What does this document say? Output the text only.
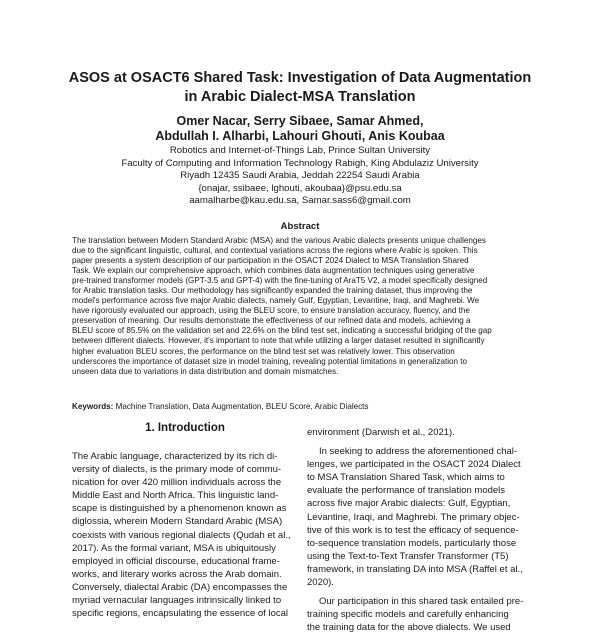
ASOS at OSACT6 Shared Task: Investigation of Data Augmentation
in Arabic Dialect-MSA Translation
Omer Nacar, Serry Sibaee, Samar Ahmed,
Abdullah I. Alharbi, Lahouri Ghouti, Anis Koubaa
Robotics and Internet-of-Things Lab, Prince Sultan University
Faculty of Computing and Information Technology Rabigh, King Abdulaziz University
Riyadh 12435 Saudi Arabia, Jeddah 22254 Saudi Arabia
{onajar, ssibaee, lghouti, akoubaa}@psu.edu.sa
aamalharbe@kau.edu.sa, Samar.sass6@gmail.com
Abstract
The translation between Modern Standard Arabic (MSA) and the various Arabic dialects presents unique challenges
due to the significant linguistic, cultural, and contextual variations across the regions where Arabic is spoken. This
paper presents a system description of our participation in the OSACT 2024 Dialect to MSA Translation Shared
Task. We explain our comprehensive approach, which combines data augmentation techniques using generative
pre-trained transformer models (GPT-3.5 and GPT-4) with the fine-tuning of AraT5 V2, a model specifically designed
for Arabic translation tasks. Our methodology has significantly expanded the training dataset, thus improving the
model's performance across five major Arabic dialects, namely Gulf, Egyptian, Levantine, Iraqi, and Maghrebi. We
have rigorously evaluated our approach, using the BLEU score, to ensure translation accuracy, fluency, and the
preservation of meaning. Our results demonstrate the effectiveness of our refined data and models, achieving a
BLEU score of 85.5% on the validation set and 22.6% on the blind test set, indicating a successful bridging of the gap
between different dialects. However, it's important to note that while utilizing a larger dataset resulted in significantly
higher evaluation BLEU scores, the performance on the blind test set was relatively lower. This observation
underscores the importance of dataset size in model training, revealing potential limitations in generalization to
unseen data due to variations in data distribution and domain mismatches.
Keywords: Machine Translation, Data Augmentation, BLEU Score, Arabic Dialects
1. Introduction
The Arabic language, characterized by its rich di-
versity of dialects, is the primary mode of commu-
nication for over 420 million individuals across the
Middle East and North Africa. This linguistic land-
scape is distinguished by a phenomenon known as
diglossia, wherein Modern Standard Arabic (MSA)
coexists with various regional dialects (Qudah et al.,
2017). As the formal variant, MSA is ubiquitously
employed in official discourse, educational frame-
works, and literary works across the Arab domain.
Conversely, dialectal Arabic (DA) encompasses the
myriad vernacular languages intrinsically linked to
specific regions, encapsulating the essence of local
environment (Darwish et al., 2021).
In seeking to address the aforementioned chal-
lenges, we participated in the OSACT 2024 Dialect
to MSA Translation Shared Task, which aims to
evaluate the performance of translation models
across five major Arabic dialects: Gulf, Egyptian,
Levantine, Iraqi, and Maghrebi. The primary objec-
tive of this work is to test the efficacy of sequence-
to-sequence translation models, particularly those
using the Text-to-Text Transfer Transformer (T5)
framework, in translating DA into MSA (Raffel et al.,
2020).
Our participation in this shared task entailed pre-
training specific models and carefully enhancing
the training data for the above dialects. We used
